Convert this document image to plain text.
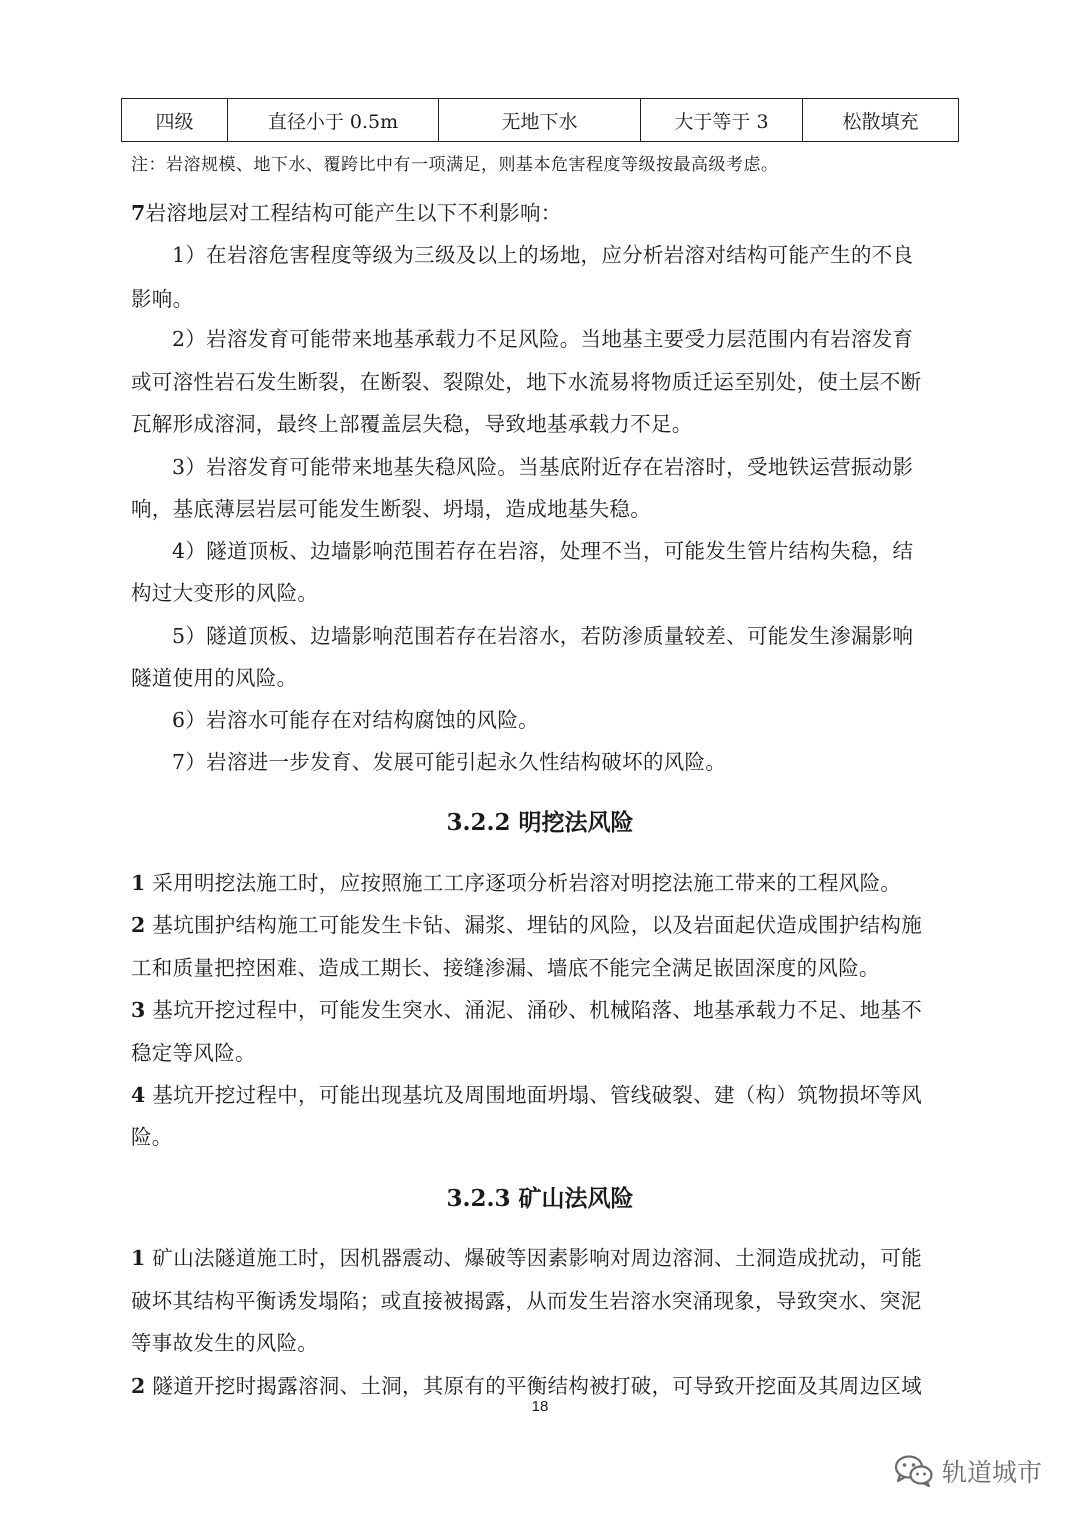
四级	直径小于 0.5m	无地下水	大于等于 3	松散填充
注：岩溶规模、地下水、覆跨比中有一项满足，则基本危害程度等级按最高级考虑。
7岩溶地层对工程结构可能产生以下不利影响：
1）在岩溶危害程度等级为三级及以上的场地，应分析岩溶对结构可能产生的不良
影响。
2）岩溶发育可能带来地基承载力不足风险。当地基主要受力层范围内有岩溶发育
或可溶性岩石发生断裂，在断裂、裂隙处，地下水流易将物质迁运至别处，使土层不断
瓦解形成溶洞，最终上部覆盖层失稳，导致地基承载力不足。
3）岩溶发育可能带来地基失稳风险。当基底附近存在岩溶时，受地铁运营振动影
响，基底薄层岩层可能发生断裂、坍塌，造成地基失稳。
4）隧道顶板、边墙影响范围若存在岩溶，处理不当，可能发生管片结构失稳，结
构过大变形的风险。
5）隧道顶板、边墙影响范围若存在岩溶水，若防渗质量较差、可能发生渗漏影响
隧道使用的风险。
6）岩溶水可能存在对结构腐蚀的风险。
7）岩溶进一步发育、发展可能引起永久性结构破坏的风险。
3.2.2 明挖法风险
1 采用明挖法施工时，应按照施工工序逐项分析岩溶对明挖法施工带来的工程风险。
2 基坑围护结构施工可能发生卡钻、漏浆、埋钻的风险，以及岩面起伏造成围护结构施
工和质量把控困难、造成工期长、接缝渗漏、墙底不能完全满足嵌固深度的风险。
3 基坑开挖过程中，可能发生突水、涌泥、涌砂、机械陷落、地基承载力不足、地基不
稳定等风险。
4 基坑开挖过程中，可能出现基坑及周围地面坍塌、管线破裂、建（构）筑物损坏等风
险。
3.2.3 矿山法风险
1 矿山法隧道施工时，因机器震动、爆破等因素影响对周边溶洞、土洞造成扰动，可能
破坏其结构平衡诱发塌陷；或直接被揭露，从而发生岩溶水突涌现象，导致突水、突泥
等事故发生的风险。
2 隧道开挖时揭露溶洞、土洞，其原有的平衡结构被打破，可导致开挖面及其周边区域
18
轨道城市
